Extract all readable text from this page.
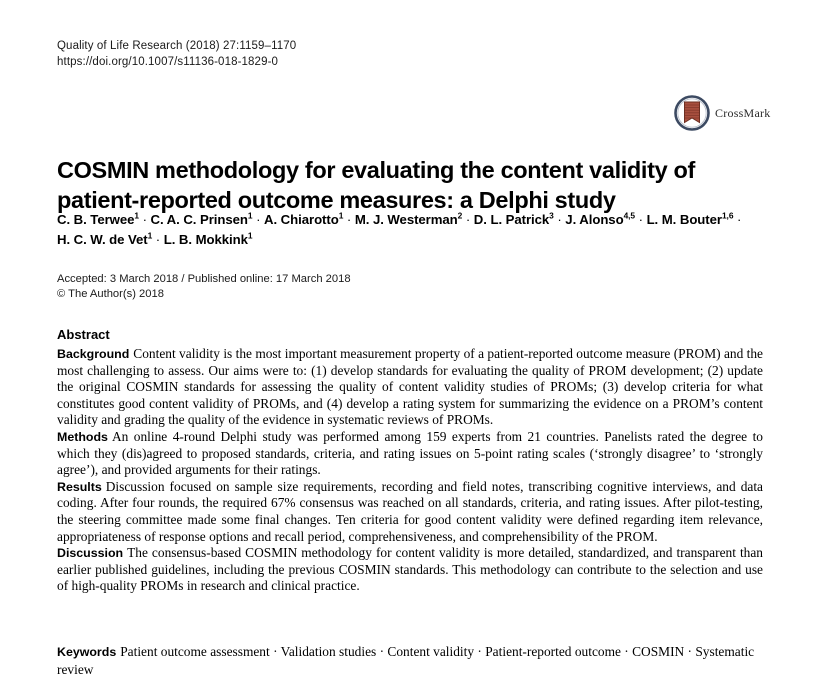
Quality of Life Research (2018) 27:1159–1170
https://doi.org/10.1007/s11136-018-1829-0
CrossMark
COSMIN methodology for evaluating the content validity of patient-reported outcome measures: a Delphi study
C. B. Terwee$^1$ · C. A. C. Prinsen$^1$ · A. Chiarotto$^1$ · M. J. Westerman$^2$ · D. L. Patrick$^3$ · J. Alonso$^{4,5}$ · L. M. Bouter$^{1,6}$ ·
H. C. W. de Vet$^1$ · L. B. Mokkink$^1$
Accepted: 3 March 2018 / Published online: 17 March 2018
© The Author(s) 2018
Abstract

Background Content validity is the most important measurement property of a patient-reported outcome measure (PROM) and the most challenging to assess. Our aims were to: (1) develop standards for evaluating the quality of PROM development; (2) update the original COSMIN standards for assessing the quality of content validity studies of PROMs; (3) develop criteria for what constitutes good content validity of PROMs, and (4) develop a rating system for summarizing the evidence on a PROM’s content validity and grading the quality of the evidence in systematic reviews of PROMs.

Methods An online 4-round Delphi study was performed among 159 experts from 21 countries. Panelists rated the degree to which they (dis)agreed to proposed standards, criteria, and rating issues on 5-point rating scales (‘strongly disagree’ to ‘strongly agree’), and provided arguments for their ratings.

Results Discussion focused on sample size requirements, recording and field notes, transcribing cognitive interviews, and data coding. After four rounds, the required 67% consensus was reached on all standards, criteria, and rating issues. After pilot-testing, the steering committee made some final changes. Ten criteria for good content validity were defined regarding item relevance, appropriateness of response options and recall period, comprehensiveness, and comprehensibility of the PROM.

Discussion The consensus-based COSMIN methodology for content validity is more detailed, standardized, and transparent than earlier published guidelines, including the previous COSMIN standards. This methodology can contribute to the selection and use of high-quality PROMs in research and clinical practice.

Keywords Patient outcome assessment · Validation studies · Content validity · Patient-reported outcome · COSMIN · Systematic review
